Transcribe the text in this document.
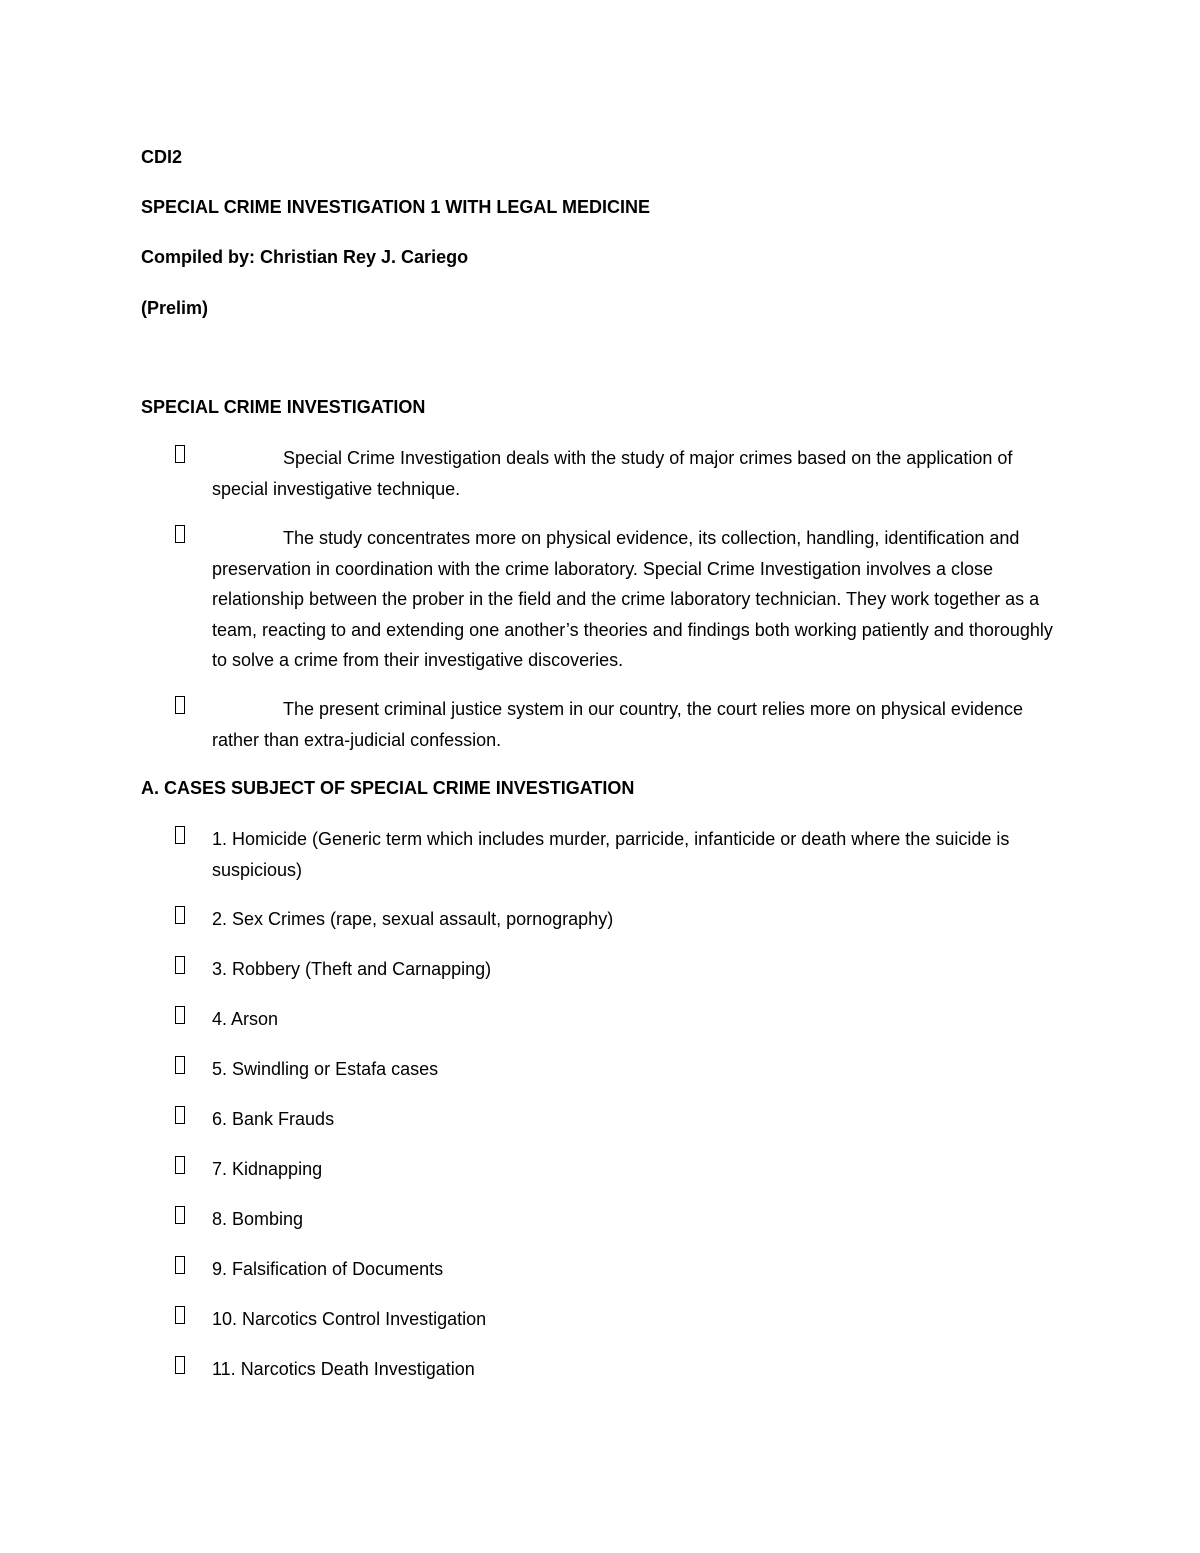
CDI2
SPECIAL CRIME INVESTIGATION 1 WITH LEGAL MEDICINE
Compiled by: Christian Rey J. Cariego
(Prelim)
SPECIAL CRIME INVESTIGATION
Special Crime Investigation deals with the study of major crimes based on the application of special investigative technique.
The study concentrates more on physical evidence, its collection, handling, identification and preservation in coordination with the crime laboratory. Special Crime Investigation involves a close relationship between the prober in the field and the crime laboratory technician. They work together as a team, reacting to and extending one another’s theories and findings both working patiently and thoroughly to solve a crime from their investigative discoveries.
The present criminal justice system in our country, the court relies more on physical evidence rather than extra-judicial confession.
A. CASES SUBJECT OF SPECIAL CRIME INVESTIGATION
1. Homicide (Generic term which includes murder, parricide, infanticide or death where the suicide is suspicious)
2. Sex Crimes (rape, sexual assault, pornography)
3. Robbery (Theft and Carnapping)
4. Arson
5. Swindling or Estafa cases
6. Bank Frauds
7. Kidnapping
8. Bombing
9. Falsification of Documents
10. Narcotics Control Investigation
11. Narcotics Death Investigation
